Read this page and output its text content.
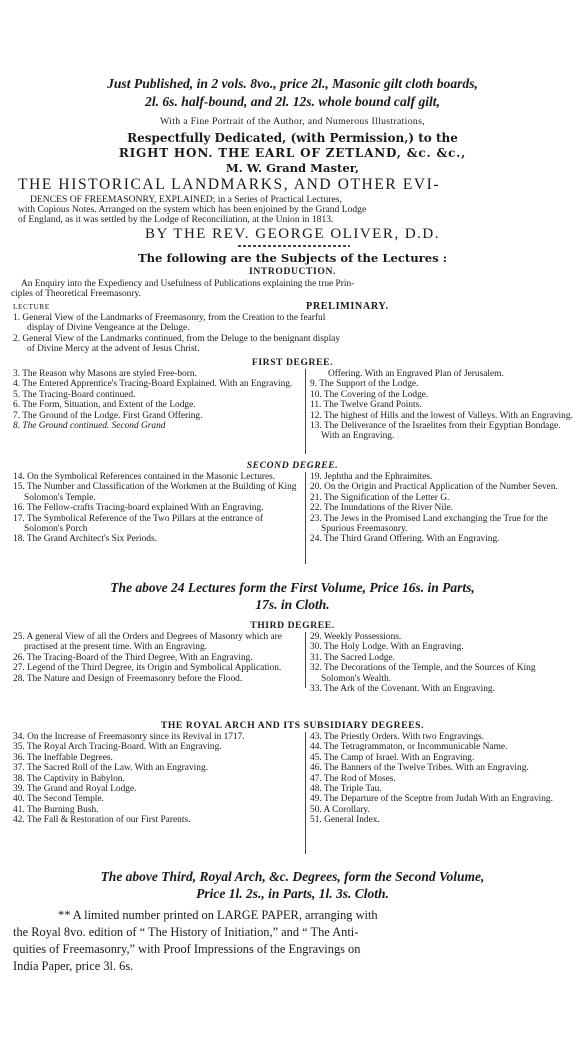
Just Published, in 2 vols. 8vo., price 2l., Masonic gilt cloth boards,
2l. 6s. half-bound, and 2l. 12s. whole bound calf gilt,
With a Fine Portrait of the Author, and Numerous Illustrations,
Respectfully Dedicated, (with Permission,) to the
RIGHT HON. THE EARL OF ZETLAND, &c. &c.,
M. W. Grand Master,
THE HISTORICAL LANDMARKS, AND OTHER EVI-
DENCES OF FREEMASONRY, EXPLAINED; in a Series of Practical Lectures,
with Copious Notes. Arranged on the system which has been enjoined by the Grand Lodge
of England, as it was settled by the Lodge of Reconciliation, at the Union in 1813.
BY THE REV. GEORGE OLIVER, D.D.
The following are the Subjects of the Lectures :
INTRODUCTION.
An Enquiry into the Expediency and Usefulness of Publications explaining the true Prin-
ciples of Theoretical Freemasonry.
LECTURE	PRELIMINARY.
1. General View of the Landmarks of Freemasonry, from the Creation to the fearful
display of Divine Vengeance at the Deluge.
2. General View of the Landmarks continued, from the Deluge to the benignant display
of Divine Mercy at the advent of Jesus Christ.
FIRST DEGREE.

3. The Reason why Masons are styled Free-born.

4. The Entered Apprentice's Tracing-Board Explained. With an Engraving.

5. The Tracing-Board continued.

6. The Form, Situation, and Extent of the Lodge.

7. The Ground of the Lodge. First Grand Offering.

8. The Ground continued. Second Grand

Offering. With an Engraved Plan of Jerusalem.

9. The Support of the Lodge.

10. The Covering of the Lodge.

11. The Twelve Grand Points.

12. The highest of Hills and the lowest of Valleys. With an Engraving.

13. The Deliverance of the Israelites from their Egyptian Bondage. With an Engraving.

SECOND DEGREE.

14. On the Symbolical References contained in the Masonic Lectures.

15. The Number and Classification of the Workmen at the Building of King Solomon's Temple.

16. The Fellow-crafts Tracing-board explained With an Engraving.

17. The Symbolical Reference of the Two Pillars at the entrance of Solomon's Porch

18. The Grand Architect's Six Periods.

19. Jephtha and the Ephraimites.

20. On the Origin and Practical Application of the Number Seven.

21. The Signification of the Letter G.

22. The Inundations of the River Nile.

23. The Jews in the Promised Land exchanging the True for the Spurious Freemasonry.

24. The Third Grand Offering. With an Engraving.

The above 24 Lectures form the First Volume, Price 16s. in Parts,
17s. in Cloth.
THIRD DEGREE.

25. A general View of all the Orders and Degrees of Masonry which are practised at the present time. With an Engraving.

26. The Tracing-Board of the Third Degree, With an Engraving.

27. Legend of the Third Degree, its Origin and Symbolical Application.

28. The Nature and Design of Freemasonry before the Flood.

29. Weekly Possessions.

30. The Holy Lodge. With an Engraving.

31. The Sacred Lodge.

32. The Decorations of the Temple, and the Sources of King Solomon's Wealth.

33. The Ark of the Covenant. With an Engraving.

THE ROYAL ARCH AND ITS SUBSIDIARY DEGREES.

34. On the Increase of Freemasonry since its Revival in 1717.

35. The Royal Arch Tracing-Board. With an Engraving.

36. The Ineffable Degrees.

37. The Sacred Roll of the Law. With an Engraving.

38. The Captivity in Babylon.

39. The Grand and Royal Lodge.

40. The Second Temple.

41. The Burning Bush.

42. The Fall & Restoration of our First Parents.

43. The Priestly Orders. With two Engravings.

44. The Tetragrammaton, or Incommunicable Name.

45. The Camp of Israel. With an Engraving.

46. The Banners of the Twelve Tribes. With an Engraving.

47. The Rod of Moses.

48. The Triple Tau.

49. The Departure of the Sceptre from Judah With an Engraving.

50. A Corollary.

51. General Index.

The above Third, Royal Arch, &c. Degrees, form the Second Volume,
Price 1l. 2s., in Parts, 1l. 3s. Cloth.
** A limited number printed on LARGE PAPER, arranging with
the Royal 8vo. edition of “ The History of Initiation,” and “ The Anti-
quities of Freemasonry,” with Proof Impressions of the Engravings on
India Paper, price 3l. 6s.
